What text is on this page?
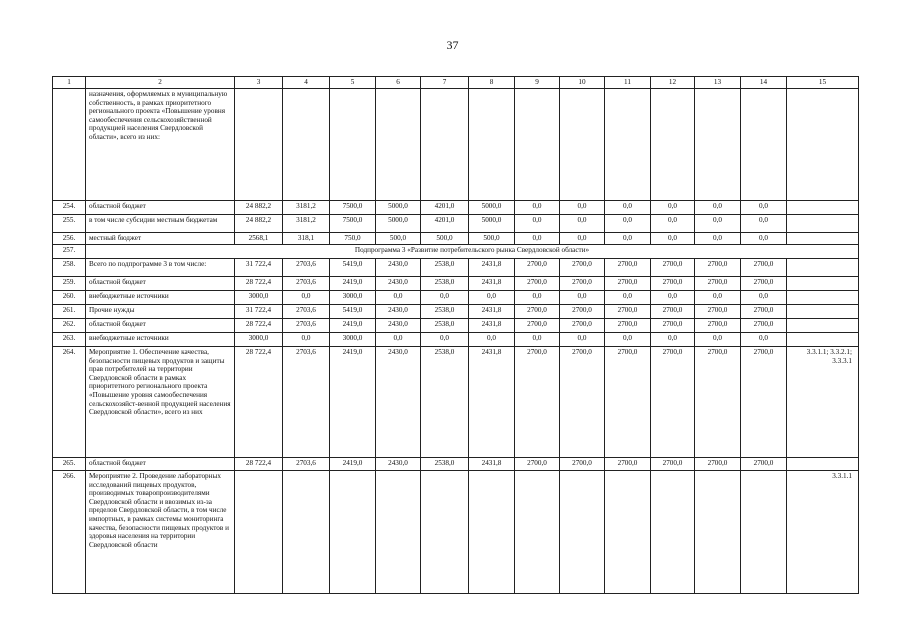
37
1	2	3	4	5	6	7	8	9	10	11	12	13	14	15
	назначения, оформляемых в муниципальную собственность, в рамках приоритетного регионального проекта «Повышение уровня самообеспечения сельскохозяйственной продукцией населения Свердловской области», всего из них:													
254.	областной бюджет	24 882,2	3181,2	7500,0	5000,0	4201,0	5000,0	0,0	0,0	0,0	0,0	0,0	0,0	
255.	в том числе субсидии местным бюджетам	24 882,2	3181,2	7500,0	5000,0	4201,0	5000,0	0,0	0,0	0,0	0,0	0,0	0,0	
256.	местный бюджет	2568,1	318,1	750,0	500,0	500,0	500,0	0,0	0,0	0,0	0,0	0,0	0,0	
257.	Подпрограмма 3 «Развитие потребительского рынка Свердловской области»													
258.	Всего по подпрограмме 3 в том числе:	31 722,4	2703,6	5419,0	2430,0	2538,0	2431,8	2700,0	2700,0	2700,0	2700,0	2700,0	2700,0	
259.	областной бюджет	28 722,4	2703,6	2419,0	2430,0	2538,0	2431,8	2700,0	2700,0	2700,0	2700,0	2700,0	2700,0	
260.	внебюджетные источники	3000,0	0,0	3000,0	0,0	0,0	0,0	0,0	0,0	0,0	0,0	0,0	0,0	
261.	Прочие нужды	31 722,4	2703,6	5419,0	2430,0	2538,0	2431,8	2700,0	2700,0	2700,0	2700,0	2700,0	2700,0	
262.	областной бюджет	28 722,4	2703,6	2419,0	2430,0	2538,0	2431,8	2700,0	2700,0	2700,0	2700,0	2700,0	2700,0	
263.	внебюджетные источники	3000,0	0,0	3000,0	0,0	0,0	0,0	0,0	0,0	0,0	0,0	0,0	0,0	
264.	Мероприятие 1. Обеспечение качества, безопасности пищевых продуктов и защиты прав потребителей на территории Свердловской области в рамках приоритетного регионального проекта «Повышение уровня самообеспечения сельскохозяйст-венной продукцией населения Свердловской области», всего из них	28 722,4	2703,6	2419,0	2430,0	2538,0	2431,8	2700,0	2700,0	2700,0	2700,0	2700,0	2700,0	3.3.1.1; 3.3.2.1; 3.3.3.1
265.	областной бюджет	28 722,4	2703,6	2419,0	2430,0	2538,0	2431,8	2700,0	2700,0	2700,0	2700,0	2700,0	2700,0	
266.	Мероприятие 2. Проведение лабораторных исследований пищевых продуктов, производимых товаропроизводителями Свердловской области и ввозимых из-за пределов Свердловской области, в том числе импортных, в рамках системы мониторинга качества, безопасности пищевых продуктов и здоровья населения на территории Свердловской области													3.3.1.1
